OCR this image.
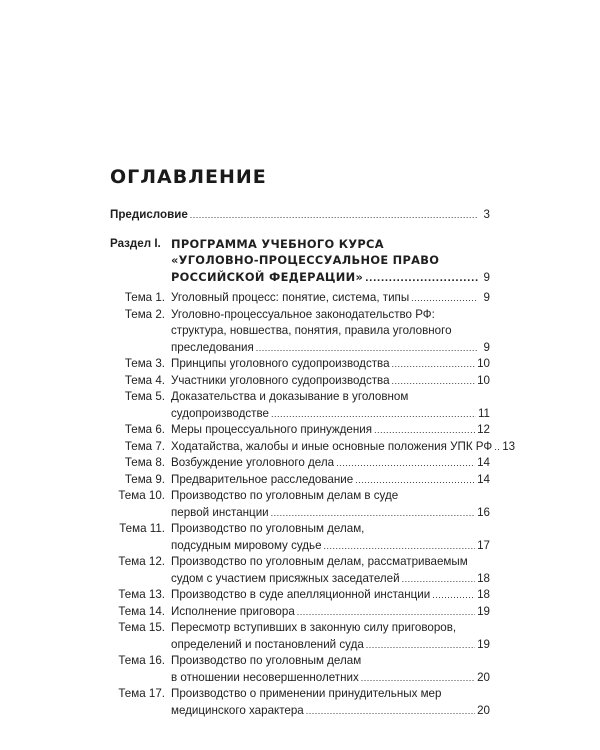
ОГЛАВЛЕНИЕ
Предисловие .....	3
Раздел I. ПРОГРАММА УЧЕБНОГО КУРСА
«УГОЛОВНО-ПРОЦЕССУАЛЬНОЕ ПРАВО
РОССИЙСКОЙ ФЕДЕРАЦИИ» .....	9
Тема 1. Уголовный процесс: понятие, система, типы .....	9
Тема 2. Уголовно-процессуальное законодательство РФ:
структура, новшества, понятия, правила уголовного
преследования .....	9
Тема 3. Принципы уголовного судопроизводства .....	10
Тема 4. Участники уголовного судопроизводства .....	10
Тема 5. Доказательства и доказывание в уголовном
судопроизводстве .....	11
Тема 6. Меры процессуального принуждения .....	12
Тема 7. Ходатайства, жалобы и иные основные положения УПК РФ ..... 13
Тема 8. Возбуждение уголовного дела .....	14
Тема 9. Предварительное расследование .....	14
Тема 10. Производство по уголовным делам в суде
первой инстанции .....	16
Тема 11. Производство по уголовным делам,
подсудным мировому судье .....	17
Тема 12. Производство по уголовным делам, рассматриваемым
судом с участием присяжных заседателей .....	18
Тема 13. Производство в суде апелляционной инстанции .....	18
Тема 14. Исполнение приговора .....	19
Тема 15. Пересмотр вступивших в законную силу приговоров,
определений и постановлений суда .....	19
Тема 16. Производство по уголовным делам
в отношении несовершеннолетних .....	20
Тема 17. Производство о применении принудительных мер
медицинского характера .....	20
